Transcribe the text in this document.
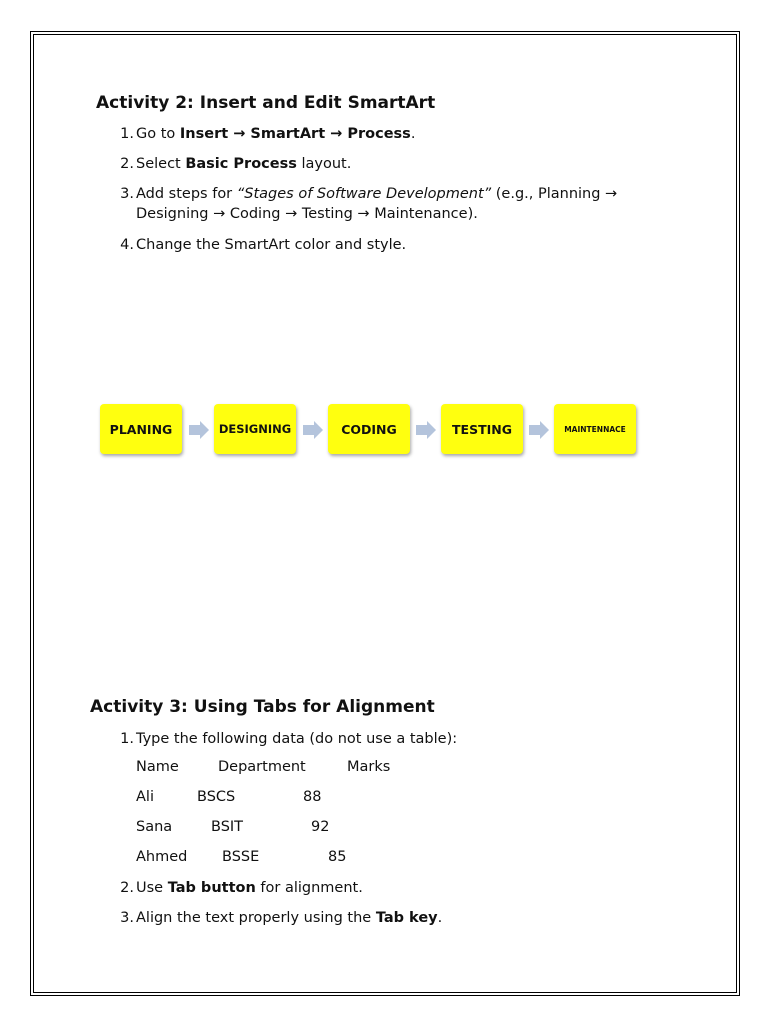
Activity 2: Insert and Edit SmartArt
1. Go to Insert → SmartArt → Process.
2. Select Basic Process layout.
3. Add steps for “Stages of Software Development” (e.g., Planning →
Designing → Coding → Testing → Maintenance).
4. Change the SmartArt color and style.
PLANING	DESIGNING	CODING	TESTING	MAINTENNACE
Activity 3: Using Tabs for Alignment
1. Type the following data (do not use a table):
Name	Department	Marks
Ali	BSCS	88
Sana	BSIT	92
Ahmed BSSE	85
2. Use Tab button for alignment.
3. Align the text properly using the Tab key.
